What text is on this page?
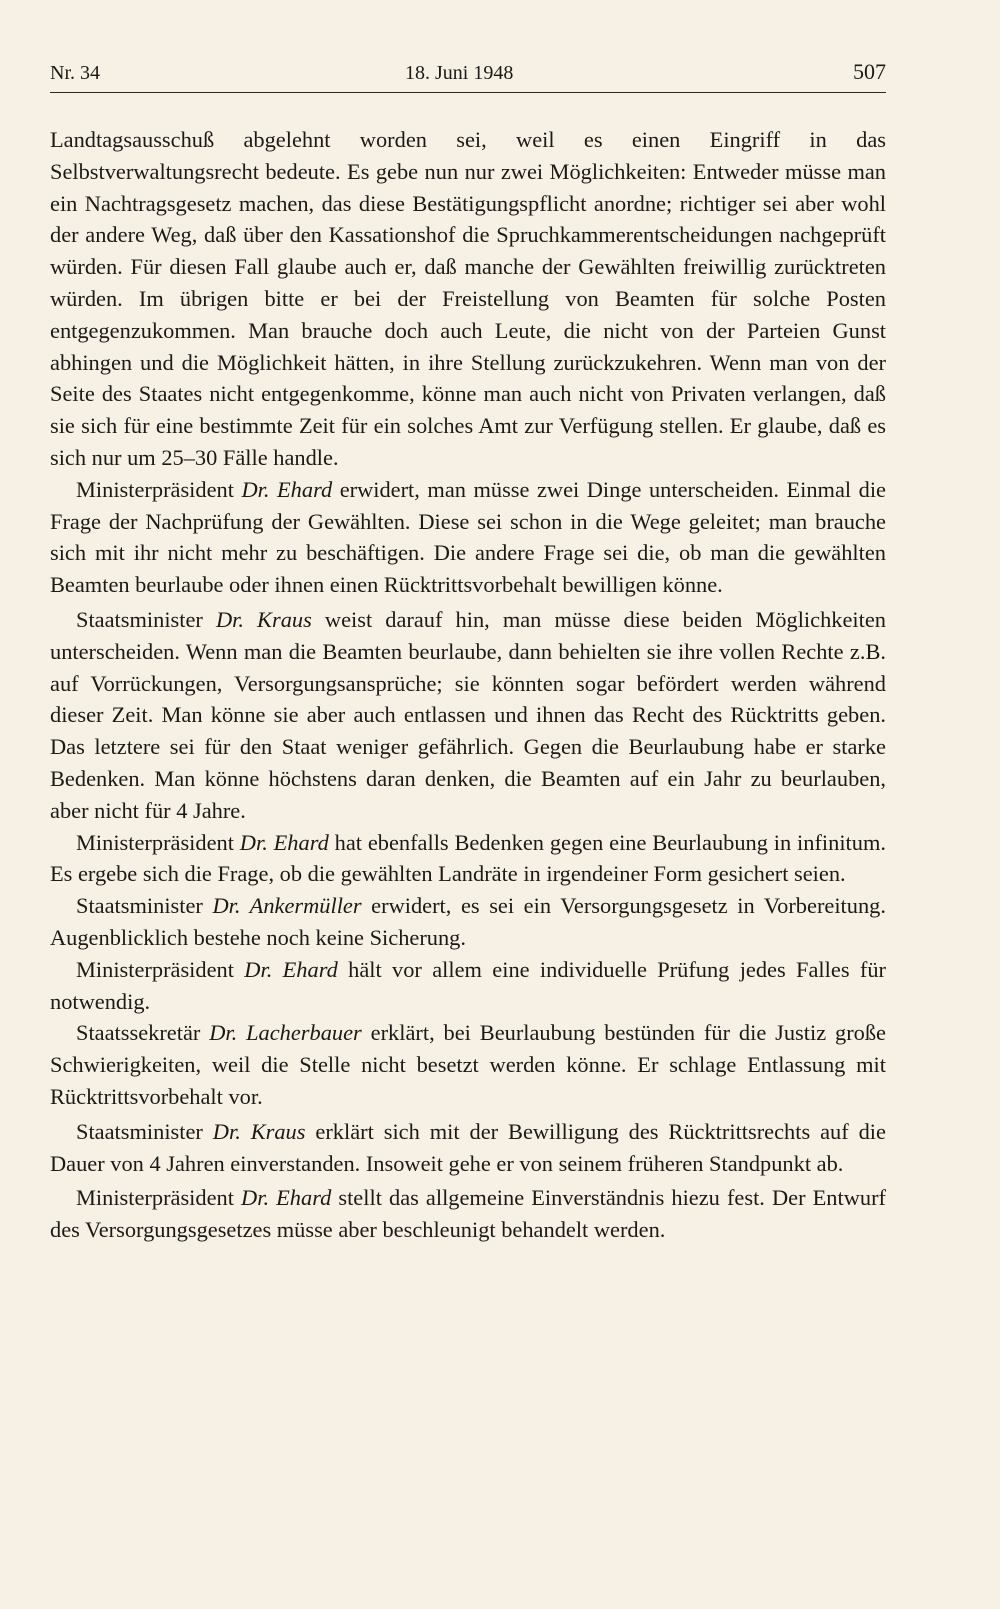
Nr. 34	18. Juni 1948	507

Landtagsausschuß abgelehnt worden sei, weil es einen Eingriff in das Selbstverwaltungsrecht bedeute. Es gebe nun nur zwei Möglichkeiten: Entweder müsse man ein Nachtragsgesetz machen, das diese Bestätigungspflicht anordne; richtiger sei aber wohl der andere Weg, daß über den Kassationshof die Spruchkammerentscheidungen nachgeprüft würden. Für diesen Fall glaube auch er, daß manche der Gewählten freiwillig zurücktreten würden. Im übrigen bitte er bei der Freistellung von Beamten für solche Posten entgegenzukommen. Man brauche doch auch Leute, die nicht von der Parteien Gunst abhingen und die Möglichkeit hätten, in ihre Stellung zurückzukehren. Wenn man von der Seite des Staates nicht entgegenkomme, könne man auch nicht von Privaten verlangen, daß sie sich für eine bestimmte Zeit für ein solches Amt zur Verfügung stellen. Er glaube, daß es sich nur um 25–30 Fälle handle.

Ministerpräsident Dr. Ehard erwidert, man müsse zwei Dinge unterscheiden. Einmal die Frage der Nachprüfung der Gewählten. Diese sei schon in die Wege geleitet; man brauche sich mit ihr nicht mehr zu beschäftigen. Die andere Frage sei die, ob man die gewählten Beamten beurlaube oder ihnen einen Rücktrittsvorbehalt bewilligen könne.

Staatsminister Dr. Kraus weist darauf hin, man müsse diese beiden Möglichkeiten unterscheiden. Wenn man die Beamten beurlaube, dann behielten sie ihre vollen Rechte z.B. auf Vorrückungen, Versorgungsansprüche; sie könnten sogar befördert werden während dieser Zeit. Man könne sie aber auch entlassen und ihnen das Recht des Rücktritts geben. Das letztere sei für den Staat weniger gefährlich. Gegen die Beurlaubung habe er starke Bedenken. Man könne höchstens daran denken, die Beamten auf ein Jahr zu beurlauben, aber nicht für 4 Jahre.

Ministerpräsident Dr. Ehard hat ebenfalls Bedenken gegen eine Beurlaubung in infinitum. Es ergebe sich die Frage, ob die gewählten Landräte in irgendeiner Form gesichert seien.

Staatsminister Dr. Ankermüller erwidert, es sei ein Versorgungsgesetz in Vorbereitung. Augenblicklich bestehe noch keine Sicherung.

Ministerpräsident Dr. Ehard hält vor allem eine individuelle Prüfung jedes Falles für notwendig.

Staatssekretär Dr. Lacherbauer erklärt, bei Beurlaubung bestünden für die Justiz große Schwierigkeiten, weil die Stelle nicht besetzt werden könne. Er schlage Entlassung mit Rücktrittsvorbehalt vor.

Staatsminister Dr. Kraus erklärt sich mit der Bewilligung des Rücktrittsrechts auf die Dauer von 4 Jahren einverstanden. Insoweit gehe er von seinem früheren Standpunkt ab.

Ministerpräsident Dr. Ehard stellt das allgemeine Einverständnis hiezu fest. Der Entwurf des Versorgungsgesetzes müsse aber beschleunigt behandelt werden.
